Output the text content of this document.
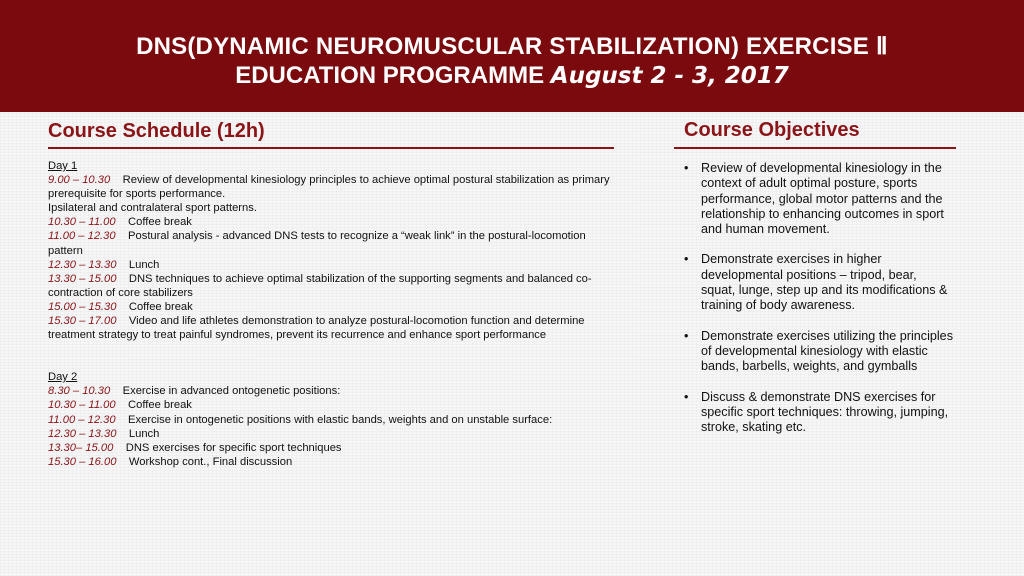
DNS(DYNAMIC NEUROMUSCULAR STABILIZATION) EXERCISE Ⅱ
EDUCATION PROGRAMME August 2 - 3, 2017
Course Schedule (12h)
Day 1
9.00 – 10.30 Review of developmental kinesiology principles to achieve optimal postural stabilization as primary prerequisite for sports performance.
Ipsilateral and contralateral sport patterns.
10.30 – 11.00 Coffee break
11.00 – 12.30 Postural analysis - advanced DNS tests to recognize a “weak link” in the postural-locomotion pattern
12.30 – 13.30 Lunch
13.30 – 15.00 DNS techniques to achieve optimal stabilization of the supporting segments and balanced co-contraction of core stabilizers
15.00 – 15.30 Coffee break
15.30 – 17.00 Video and life athletes demonstration to analyze postural-locomotion function and determine treatment strategy to treat painful syndromes, prevent its recurrence and enhance sport performance
Day 2
8.30 – 10.30 Exercise in advanced ontogenetic positions:
10.30 – 11.00 Coffee break
11.00 – 12.30 Exercise in ontogenetic positions with elastic bands, weights and on unstable surface:
12.30 – 13.30 Lunch
13.30– 15.00 DNS exercises for specific sport techniques
15.30 – 16.00 Workshop cont., Final discussion
Course Objectives
• Review of developmental kinesiology in the context of adult optimal posture, sports performance, global motor patterns and the relationship to enhancing outcomes in sport and human movement.
• Demonstrate exercises in higher developmental positions – tripod, bear, squat, lunge, step up and its modifications & training of body awareness.
• Demonstrate exercises utilizing the principles of developmental kinesiology with elastic bands, barbells, weights, and gymballs
• Discuss & demonstrate DNS exercises for specific sport techniques: throwing, jumping, stroke, skating etc.
